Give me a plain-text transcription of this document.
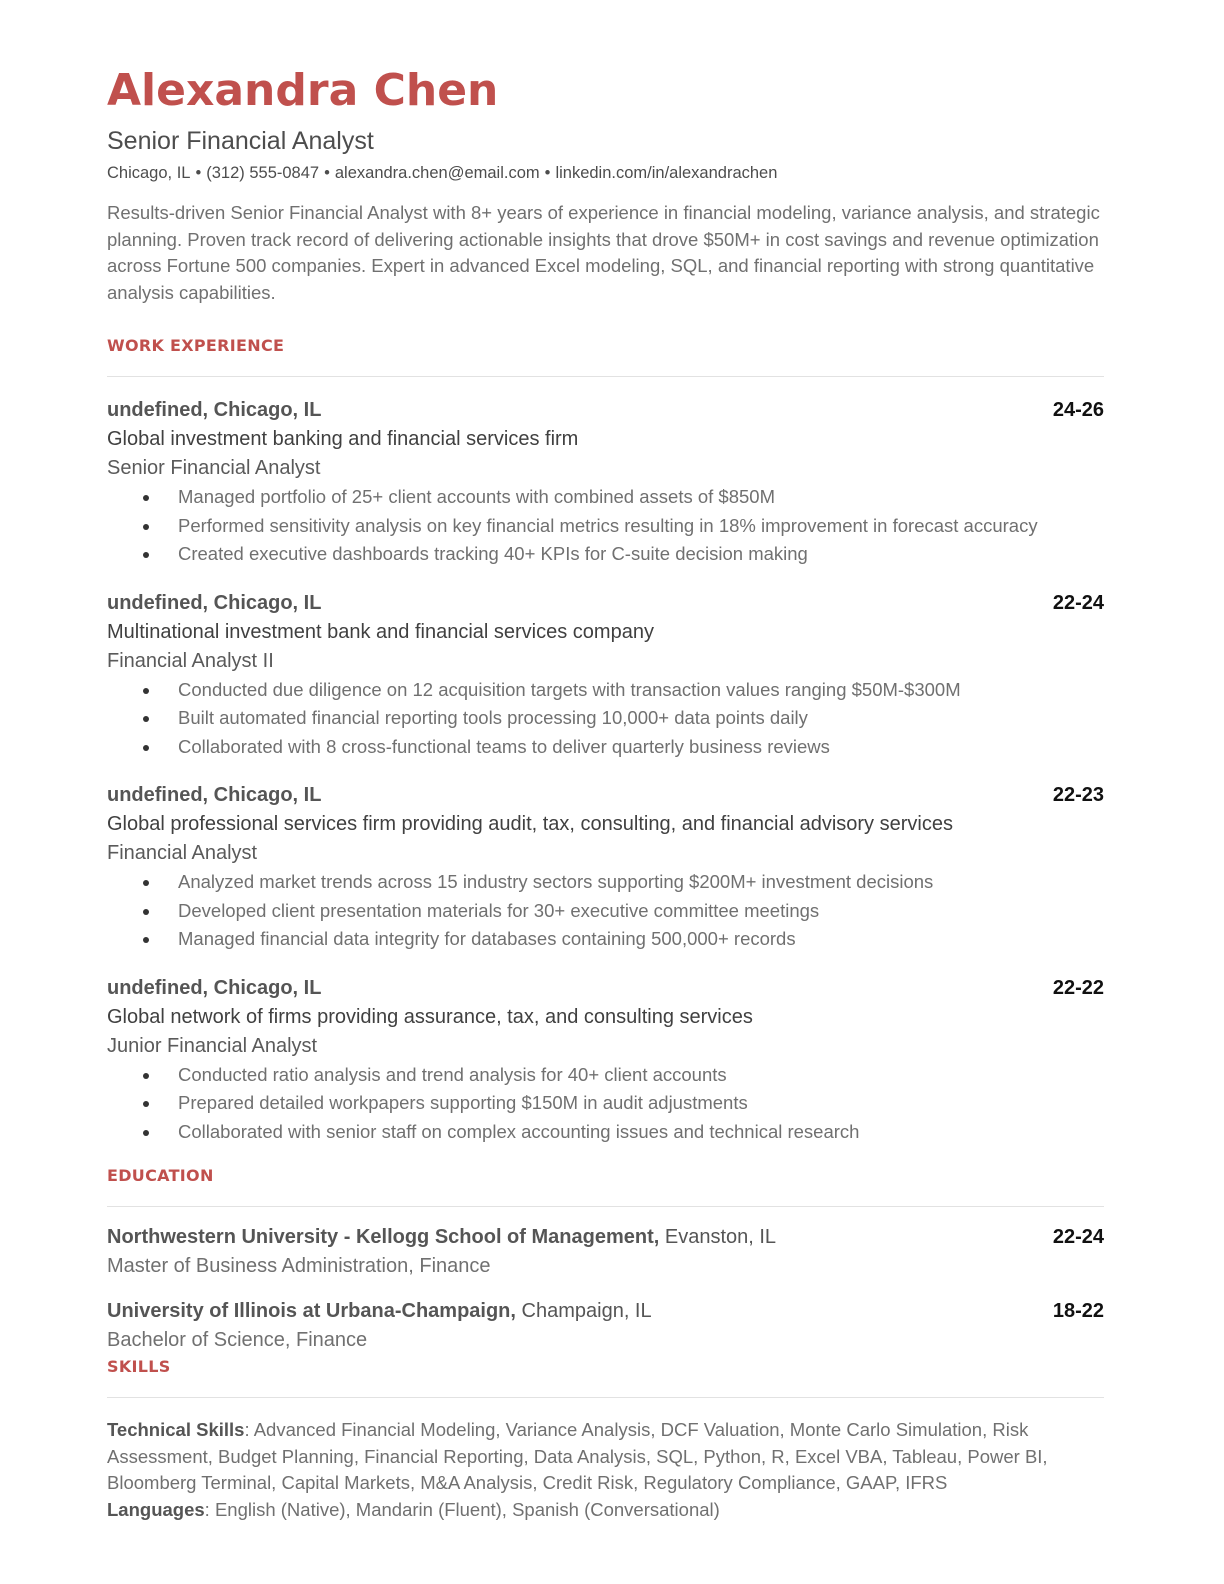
Alexandra Chen
Senior Financial Analyst
Chicago, IL • (312) 555-0847 • alexandra.chen@email.com • linkedin.com/in/alexandrachen
Results-driven Senior Financial Analyst with 8+ years of experience in financial modeling, variance analysis, and strategic planning. Proven track record of delivering actionable insights that drove $50M+ in cost savings and revenue optimization across Fortune 500 companies. Expert in advanced Excel modeling, SQL, and financial reporting with strong quantitative analysis capabilities.
WORK EXPERIENCE
undefined, Chicago, IL	24-26
Global investment banking and financial services firm
Senior Financial Analyst
Managed portfolio of 25+ client accounts with combined assets of $850M
Performed sensitivity analysis on key financial metrics resulting in 18% improvement in forecast accuracy
Created executive dashboards tracking 40+ KPIs for C-suite decision making
undefined, Chicago, IL	22-24
Multinational investment bank and financial services company
Financial Analyst II
Conducted due diligence on 12 acquisition targets with transaction values ranging $50M-$300M
Built automated financial reporting tools processing 10,000+ data points daily
Collaborated with 8 cross-functional teams to deliver quarterly business reviews
undefined, Chicago, IL	22-23
Global professional services firm providing audit, tax, consulting, and financial advisory services
Financial Analyst
Analyzed market trends across 15 industry sectors supporting $200M+ investment decisions
Developed client presentation materials for 30+ executive committee meetings
Managed financial data integrity for databases containing 500,000+ records
undefined, Chicago, IL	22-22
Global network of firms providing assurance, tax, and consulting services
Junior Financial Analyst
Conducted ratio analysis and trend analysis for 40+ client accounts
Prepared detailed workpapers supporting $150M in audit adjustments
Collaborated with senior staff on complex accounting issues and technical research
EDUCATION
Northwestern University - Kellogg School of Management, Evanston, IL	22-24
Master of Business Administration, Finance
University of Illinois at Urbana-Champaign, Champaign, IL	18-22
Bachelor of Science, Finance
SKILLS
Technical Skills: Advanced Financial Modeling, Variance Analysis, DCF Valuation, Monte Carlo Simulation, Risk Assessment, Budget Planning, Financial Reporting, Data Analysis, SQL, Python, R, Excel VBA, Tableau, Power BI, Bloomberg Terminal, Capital Markets, M&A Analysis, Credit Risk, Regulatory Compliance, GAAP, IFRS
Languages: English (Native), Mandarin (Fluent), Spanish (Conversational)
